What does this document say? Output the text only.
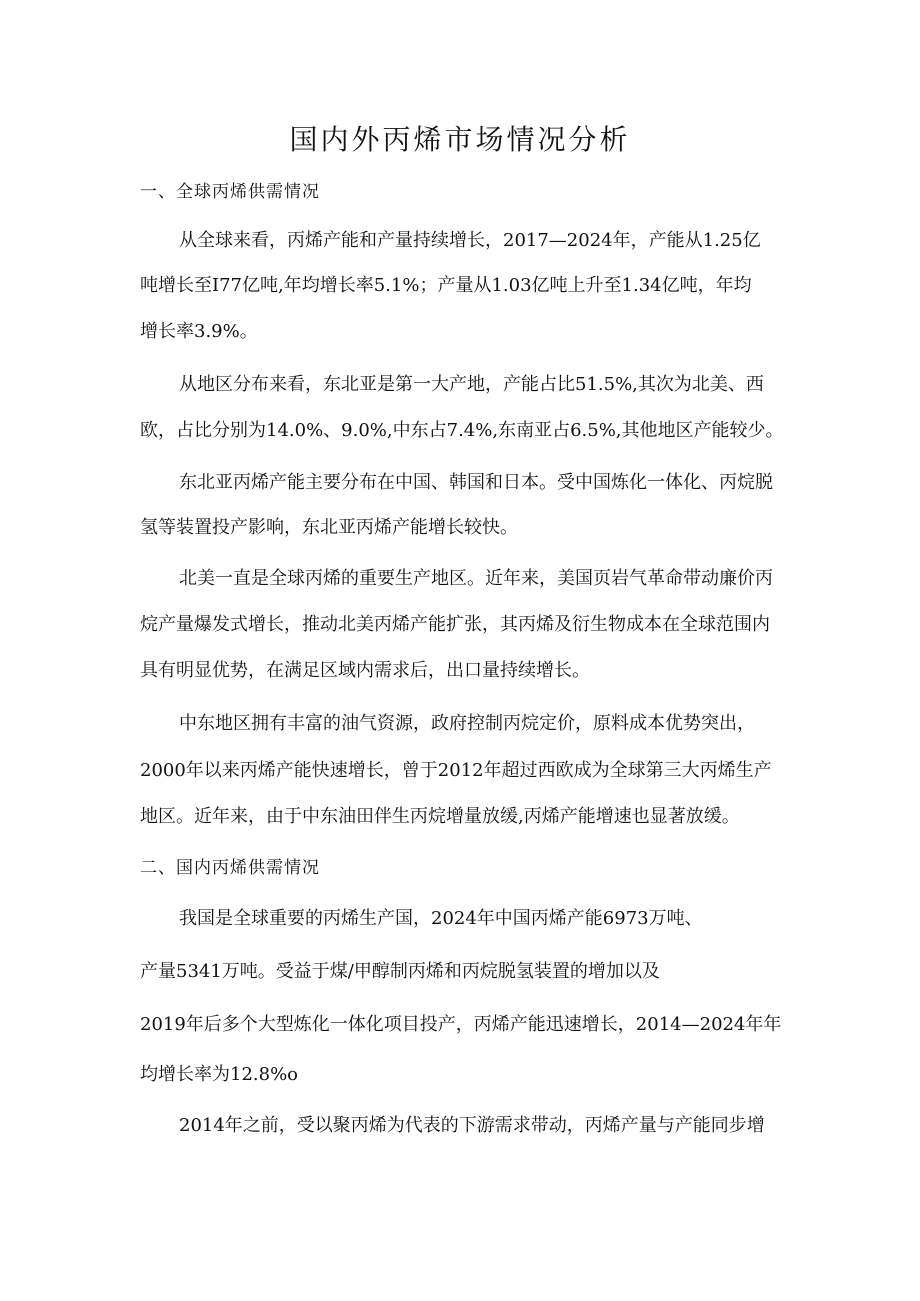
国内外丙烯市场情况分析

一、全球丙烯供需情况

从全球来看，丙烯产能和产量持续增长，2017—2024年，产能从1.25亿

吨增长至I77亿吨,年均增长率5.1%；产量从1.03亿吨上升至1.34亿吨，年均

增长率3.9%。

从地区分布来看，东北亚是第一大产地，产能占比51.5%,其次为北美、西

欧，占比分别为14.0%、9.0%,中东占7.4%,东南亚占6.5%,其他地区产能较少。

东北亚丙烯产能主要分布在中国、韩国和日本。受中国炼化一体化、丙烷脱

氢等装置投产影响，东北亚丙烯产能增长较快。

北美一直是全球丙烯的重要生产地区。近年来，美国页岩气革命带动廉价丙

烷产量爆发式增长，推动北美丙烯产能扩张，其丙烯及衍生物成本在全球范围内

具有明显优势，在满足区域内需求后，出口量持续增长。

中东地区拥有丰富的油气资源，政府控制丙烷定价，原料成本优势突出，

2000年以来丙烯产能快速增长，曾于2012年超过西欧成为全球第三大丙烯生产

地区。近年来，由于中东油田伴生丙烷增量放缓,丙烯产能增速也显著放缓。

二、国内丙烯供需情况

我国是全球重要的丙烯生产国，2024年中国丙烯产能6973万吨、

产量5341万吨。受益于煤/甲醇制丙烯和丙烷脱氢装置的增加以及

2019年后多个大型炼化一体化项目投产，丙烯产能迅速增长，2014—2024年年

均增长率为12.8%o

2014年之前，受以聚丙烯为代表的下游需求带动，丙烯产量与产能同步增
